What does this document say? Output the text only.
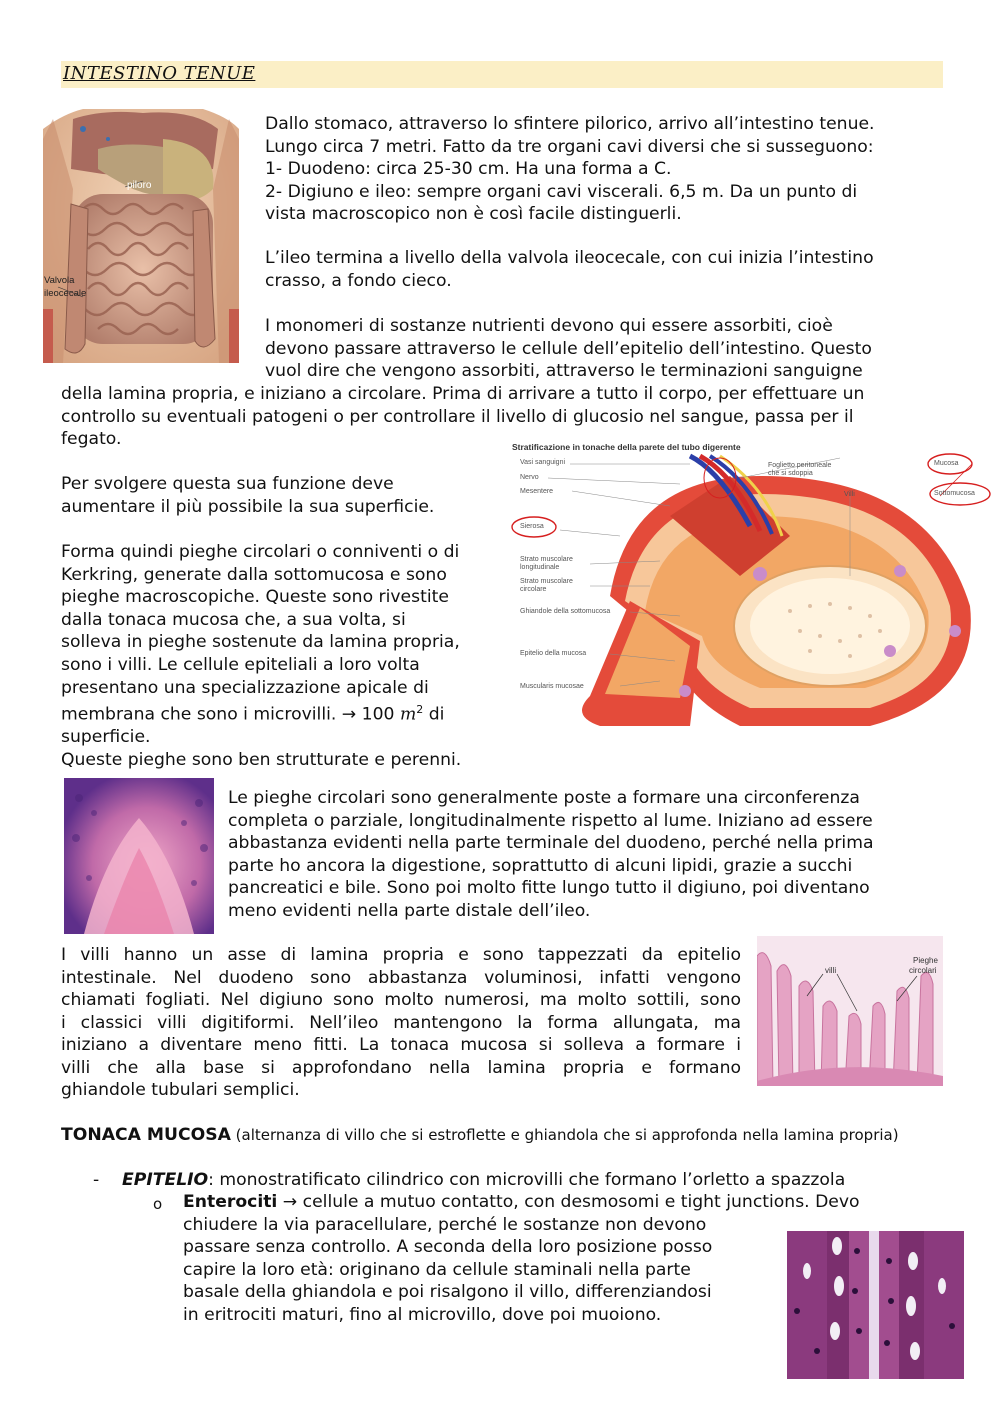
INTESTINO TENUE
piloro
Valvola
ileocecale

Dallo stomaco, attraverso lo sfintere pilorico, arrivo all’intestino tenue.

Lungo circa 7 metri. Fatto da tre organi cavi diversi che si susseguono:

1- Duodeno: circa 25-30 cm. Ha una forma a C.

2- Digiuno e ileo: sempre organi cavi viscerali. 6,5 m. Da un punto di

vista macroscopico non è così facile distinguerli.

L’ileo termina a livello della valvola ileocecale, con cui inizia l’intestino

crasso, a fondo cieco.

I monomeri di sostanze nutrienti devono qui essere assorbiti, cioè

devono passare attraverso le cellule dell’epitelio dell’intestino. Questo

vuol dire che vengono assorbiti, attraverso le terminazioni sanguigne

della lamina propria, e iniziano a circolare. Prima di arrivare a tutto il corpo, per effettuare un

controllo su eventuali patogeni o per controllare il livello di glucosio nel sangue, passa per il

fegato.	Stratificazione in tonache della parete del tubo digerente
Vasi sanguigni
Nervo
Mesentere
Sierosa
Strato muscolare
longitudinale
Strato muscolare
circolare
Ghiandole della sottomucosa
Epitelio della mucosa
Muscularis mucosae
Foglietto peritoneale
che si sdoppia
Villi
Mucosa
Sottomucosa

Per svolgere questa sua funzione deve

aumentare il più possibile la sua superficie.

Forma quindi pieghe circolari o conniventi o di

Kerkring, generate dalla sottomucosa e sono

pieghe macroscopiche. Queste sono rivestite

dalla tonaca mucosa che, a sua volta, si

solleva in pieghe sostenute da lamina propria,

sono i villi. Le cellule epiteliali a loro volta

presentano una specializzazione apicale di

membrana che sono i microvilli. → 100 $m^2$ di

superficie.

Queste pieghe sono ben strutturate e perenni.

Le pieghe circolari sono generalmente poste a formare una circonferenza

completa o parziale, longitudinalmente rispetto al lume. Iniziano ad essere

abbastanza evidenti nella parte terminale del duodeno, perché nella prima

parte ho ancora la digestione, soprattutto di alcuni lipidi, grazie a succhi

pancreatici e bile. Sono poi molto fitte lungo tutto il digiuno, poi diventano

meno evidenti nella parte distale dell’ileo.

I villi hanno un asse di lamina propria e sono tappezzati da epitelio

intestinale. Nel duodeno sono abbastanza voluminosi, infatti vengono

chiamati fogliati. Nel digiuno sono molto numerosi, ma molto sottili, sono

i classici villi digitiformi. Nell’ileo mantengono la forma allungata, ma

iniziano a diventare meno fitti. La tonaca mucosa si solleva a formare i

villi che alla base si approfondano nella lamina propria e formano

ghiandole tubulari semplici.

villi
Pieghe
circolari
TONACA MUCOSA (alternanza di villo che si estroflette e ghiandola che si approfonda nella lamina propria)
- EPITELIO: monostratificato cilindrico con microvilli che formano l’orletto a spazzola
o Enterociti → cellule a mutuo contatto, con desmosomi e tight junctions. Devo

chiudere la via paracellulare, perché le sostanze non devono

passare senza controllo. A seconda della loro posizione posso

capire la loro età: originano da cellule staminali nella parte

basale della ghiandola e poi risalgono il villo, differenziandosi

in eritrociti maturi, fino al microvillo, dove poi muoiono.
